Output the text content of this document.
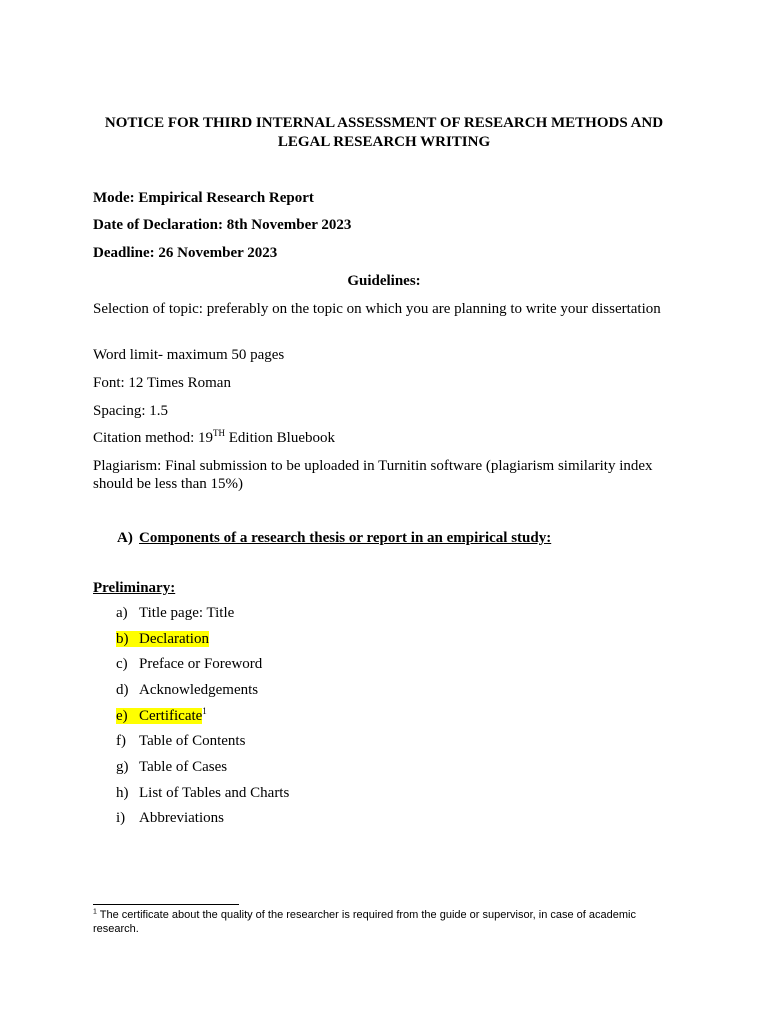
NOTICE FOR THIRD INTERNAL ASSESSMENT OF RESEARCH METHODS AND
LEGAL RESEARCH WRITING
Mode: Empirical Research Report
Date of Declaration: 8th November 2023
Deadline: 26 November 2023
Guidelines:
Selection of topic: preferably on the topic on which you are planning to write your dissertation
Word limit- maximum 50 pages
Font: 12 Times Roman
Spacing: 1.5
Citation method: 19TH Edition Bluebook
Plagiarism: Final submission to be uploaded in Turnitin software (plagiarism similarity index should be less than 15%)
A) Components of a research thesis or report in an empirical study:
Preliminary:
a) Title page: Title
b) Declaration
c) Preface or Foreword
d) Acknowledgements
e) Certificate$^1$
f) Table of Contents
g) Table of Cases
h) List of Tables and Charts
i) Abbreviations
$^1$ The certificate about the quality of the researcher is required from the guide or supervisor, in case of academic research.
